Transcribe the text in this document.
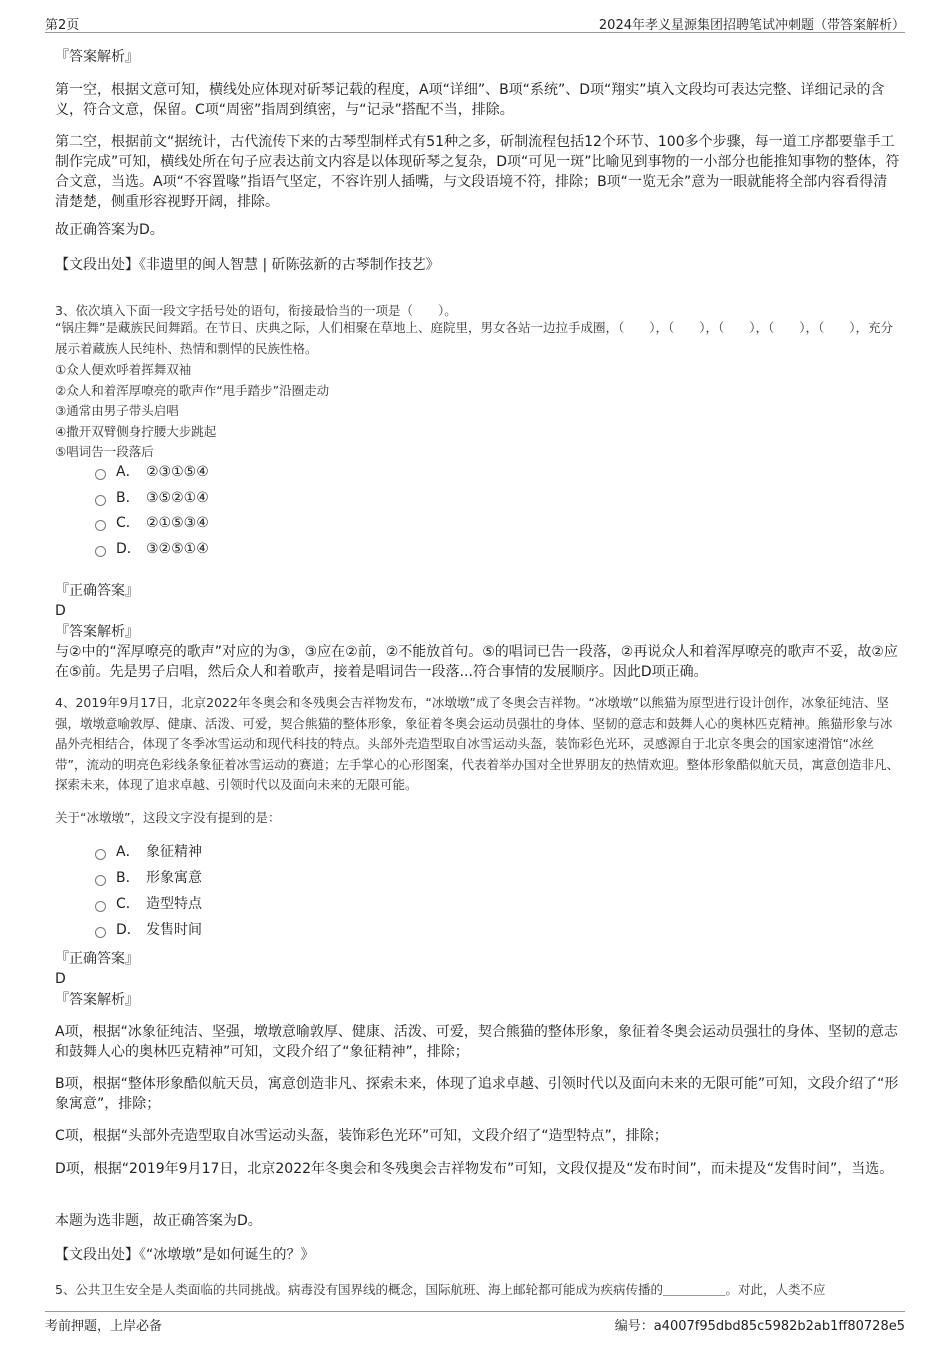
第2页	2024年孝义星源集团招聘笔试冲刺题（带答案解析）

『答案解析』

第一空，根据文意可知，横线处应体现对斫琴记载的程度，A项“详细”、B项“系统”、D项“翔实”填入文段均可表达完整、详细记录的含义，符合文意，保留。C项“周密”指周到缜密，与“记录”搭配不当，排除。

第二空，根据前文“据统计，古代流传下来的古琴型制样式有51种之多，斫制流程包括12个环节、100多个步骤，每一道工序都要靠手工制作完成”可知，横线处所在句子应表达前文内容是以体现斫琴之复杂，D项“可见一斑”比喻见到事物的一小部分也能推知事物的整体，符合文意，当选。A项“不容置喙”指语气坚定，不容许别人插嘴，与文段语境不符，排除；B项“一览无余”意为一眼就能将全部内容看得清清楚楚，侧重形容视野开阔，排除。

故正确答案为D。

【文段出处】《非遗里的闽人智慧 | 斫陈弦新的古琴制作技艺》

3、依次填入下面一段文字括号处的语句，衔接最恰当的一项是（　　）。

“锅庄舞”是藏族民间舞蹈。在节日、庆典之际，人们相聚在草地上、庭院里，男女各站一边拉手成圈，（　　），（　　），（　　），（　　），（　　），充分展示着藏族人民纯朴、热情和剽悍的民族性格。

①众人便欢呼着挥舞双袖

②众人和着浑厚嘹亮的歌声作“甩手踏步”沿圈走动

③通常由男子带头启唱

④撒开双臂侧身拧腰大步跳起

⑤唱词告一段落后

A． ②③①⑤④
B． ③⑤②①④
C． ②①⑤③④
D． ③②⑤①④

『正确答案』

D

『答案解析』

与②中的“浑厚嘹亮的歌声”对应的为③，③应在②前，②不能放首句。⑤的唱词已告一段落，②再说众人和着浑厚嘹亮的歌声不妥，故②应在⑤前。先是男子启唱，然后众人和着歌声，接着是唱词告一段落...符合事情的发展顺序。因此D项正确。

4、2019年9月17日，北京2022年冬奥会和冬残奥会吉祥物发布，“冰墩墩”成了冬奥会吉祥物。“冰墩墩”以熊猫为原型进行设计创作，冰象征纯洁、坚强，墩墩意喻敦厚、健康、活泼、可爱，契合熊猫的整体形象，象征着冬奥会运动员强壮的身体、坚韧的意志和鼓舞人心的奥林匹克精神。熊猫形象与冰晶外壳相结合，体现了冬季冰雪运动和现代科技的特点。头部外壳造型取自冰雪运动头盔，装饰彩色光环，灵感源自于北京冬奥会的国家速滑馆“冰丝带”，流动的明亮色彩线条象征着冰雪运动的赛道；左手掌心的心形图案，代表着举办国对全世界朋友的热情欢迎。整体形象酷似航天员，寓意创造非凡、探索未来，体现了追求卓越、引领时代以及面向未来的无限可能。

关于“冰墩墩”，这段文字没有提到的是：

A． 象征精神
B． 形象寓意
C． 造型特点
D． 发售时间

『正确答案』

D

『答案解析』

A项，根据“冰象征纯洁、坚强，墩墩意喻敦厚、健康、活泼、可爱，契合熊猫的整体形象，象征着冬奥会运动员强壮的身体、坚韧的意志和鼓舞人心的奥林匹克精神”可知，文段介绍了“象征精神”，排除；

B项，根据“整体形象酷似航天员，寓意创造非凡、探索未来，体现了追求卓越、引领时代以及面向未来的无限可能”可知，文段介绍了“形象寓意”，排除；

C项，根据“头部外壳造型取自冰雪运动头盔，装饰彩色光环”可知，文段介绍了“造型特点”，排除；

D项，根据“2019年9月17日，北京2022年冬奥会和冬残奥会吉祥物发布”可知，文段仅提及“发布时间”，而未提及“发售时间”，当选。

本题为选非题，故正确答案为D。

【文段出处】《“冰墩墩”是如何诞生的？》

5、公共卫生安全是人类面临的共同挑战。病毒没有国界线的概念，国际航班、海上邮轮都可能成为疾病传播的＿＿＿＿＿。对此，人类不应

考前押题，上岸必备	编号：a4007f95dbd85c5982b2ab1ff80728e5
